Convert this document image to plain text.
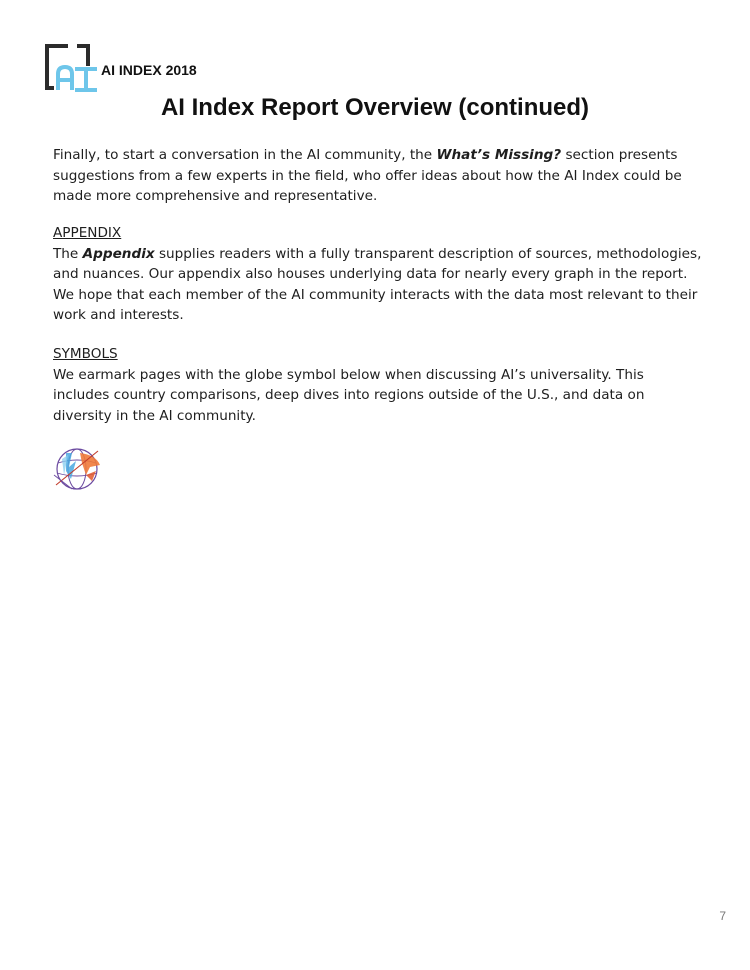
AI
AI INDEX 2018
AI Index Report Overview (continued)
Finally, to start a conversation in the AI community, the What’s Missing? section presents suggestions from a few experts in the field, who offer ideas about how the AI Index could be made more comprehensive and representative.
APPENDIX
The Appendix supplies readers with a fully transparent description of sources, methodologies, and nuances. Our appendix also houses underlying data for nearly every graph in the report. We hope that each member of the AI community interacts with the data most relevant to their work and interests.
SYMBOLS
We earmark pages with the globe symbol below when discussing AI’s universality. This includes country comparisons, deep dives into regions outside of the U.S., and data on diversity in the AI community.
7
